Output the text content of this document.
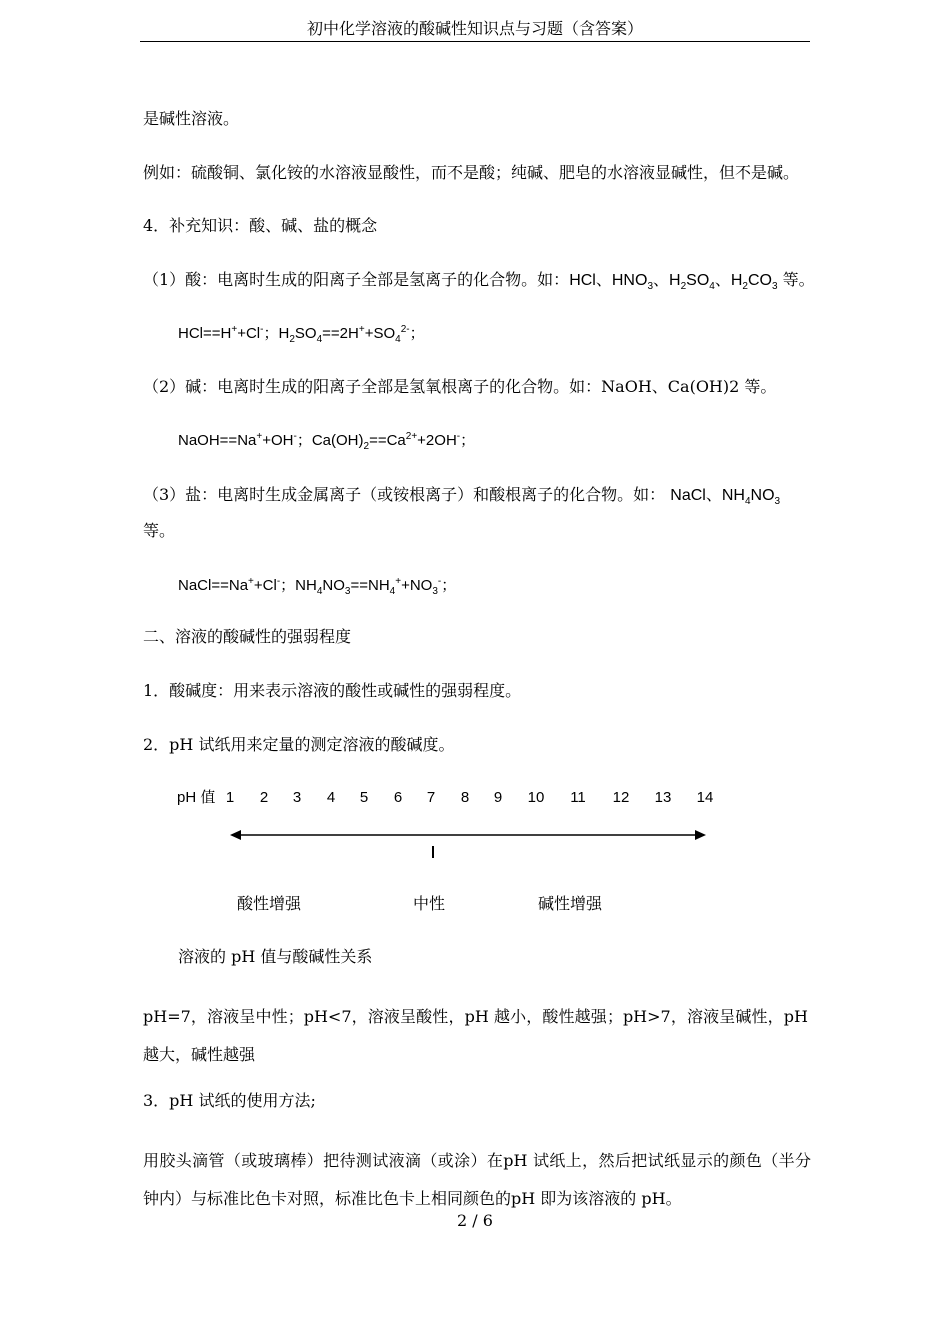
初中化学溶液的酸碱性知识点与习题（含答案）
是碱性溶液。
例如：硫酸铜、氯化铵的水溶液显酸性，而不是酸；纯碱、肥皂的水溶液显碱性，但不是碱。
4．补充知识：酸、碱、盐的概念
（1）酸：电离时生成的阳离子全部是氢离子的化合物。如：HCl、$HNO_3$、$H_2SO_4$、$H_2CO_3$ 等。
HCl==H++Cl-；$H_2SO_4==2H^++SO_4^{2-}$；
（2）碱：电离时生成的阳离子全部是氢氧根离子的化合物。如：NaOH、Ca(OH)2 等。
NaOH==Na++OH-；$Ca(OH)_2==Ca^{2+}+2OH^-$；
（3）盐：电离时生成金属离子（或铵根离子）和酸根离子的化合物。如： NaCl、$NH_4NO_3$
等。
NaCl==Na++Cl-；$NH_4NO_3==NH_4^++NO_3^-$；
二、溶液的酸碱性的强弱程度
1．酸碱度：用来表示溶液的酸性或碱性的强弱程度。
2．pH 试纸用来定量的测定溶液的酸碱度。
pH 值 1	2	3	4	5	6	7	8	9	10	11	12	13	14
酸性增强	中性	碱性增强
溶液的 pH 值与酸碱性关系
pH=7，溶液呈中性；pH<7，溶液呈酸性，pH 越小，酸性越强；pH>7，溶液呈碱性，pH 越大，碱性越强
3．pH 试纸的使用方法;
用胶头滴管（或玻璃棒）把待测试液滴（或涂）在pH 试纸上，然后把试纸显示的颜色（半分钟内）与标准比色卡对照，标准比色卡上相同颜色的pH 即为该溶液的 pH。
2 / 6
